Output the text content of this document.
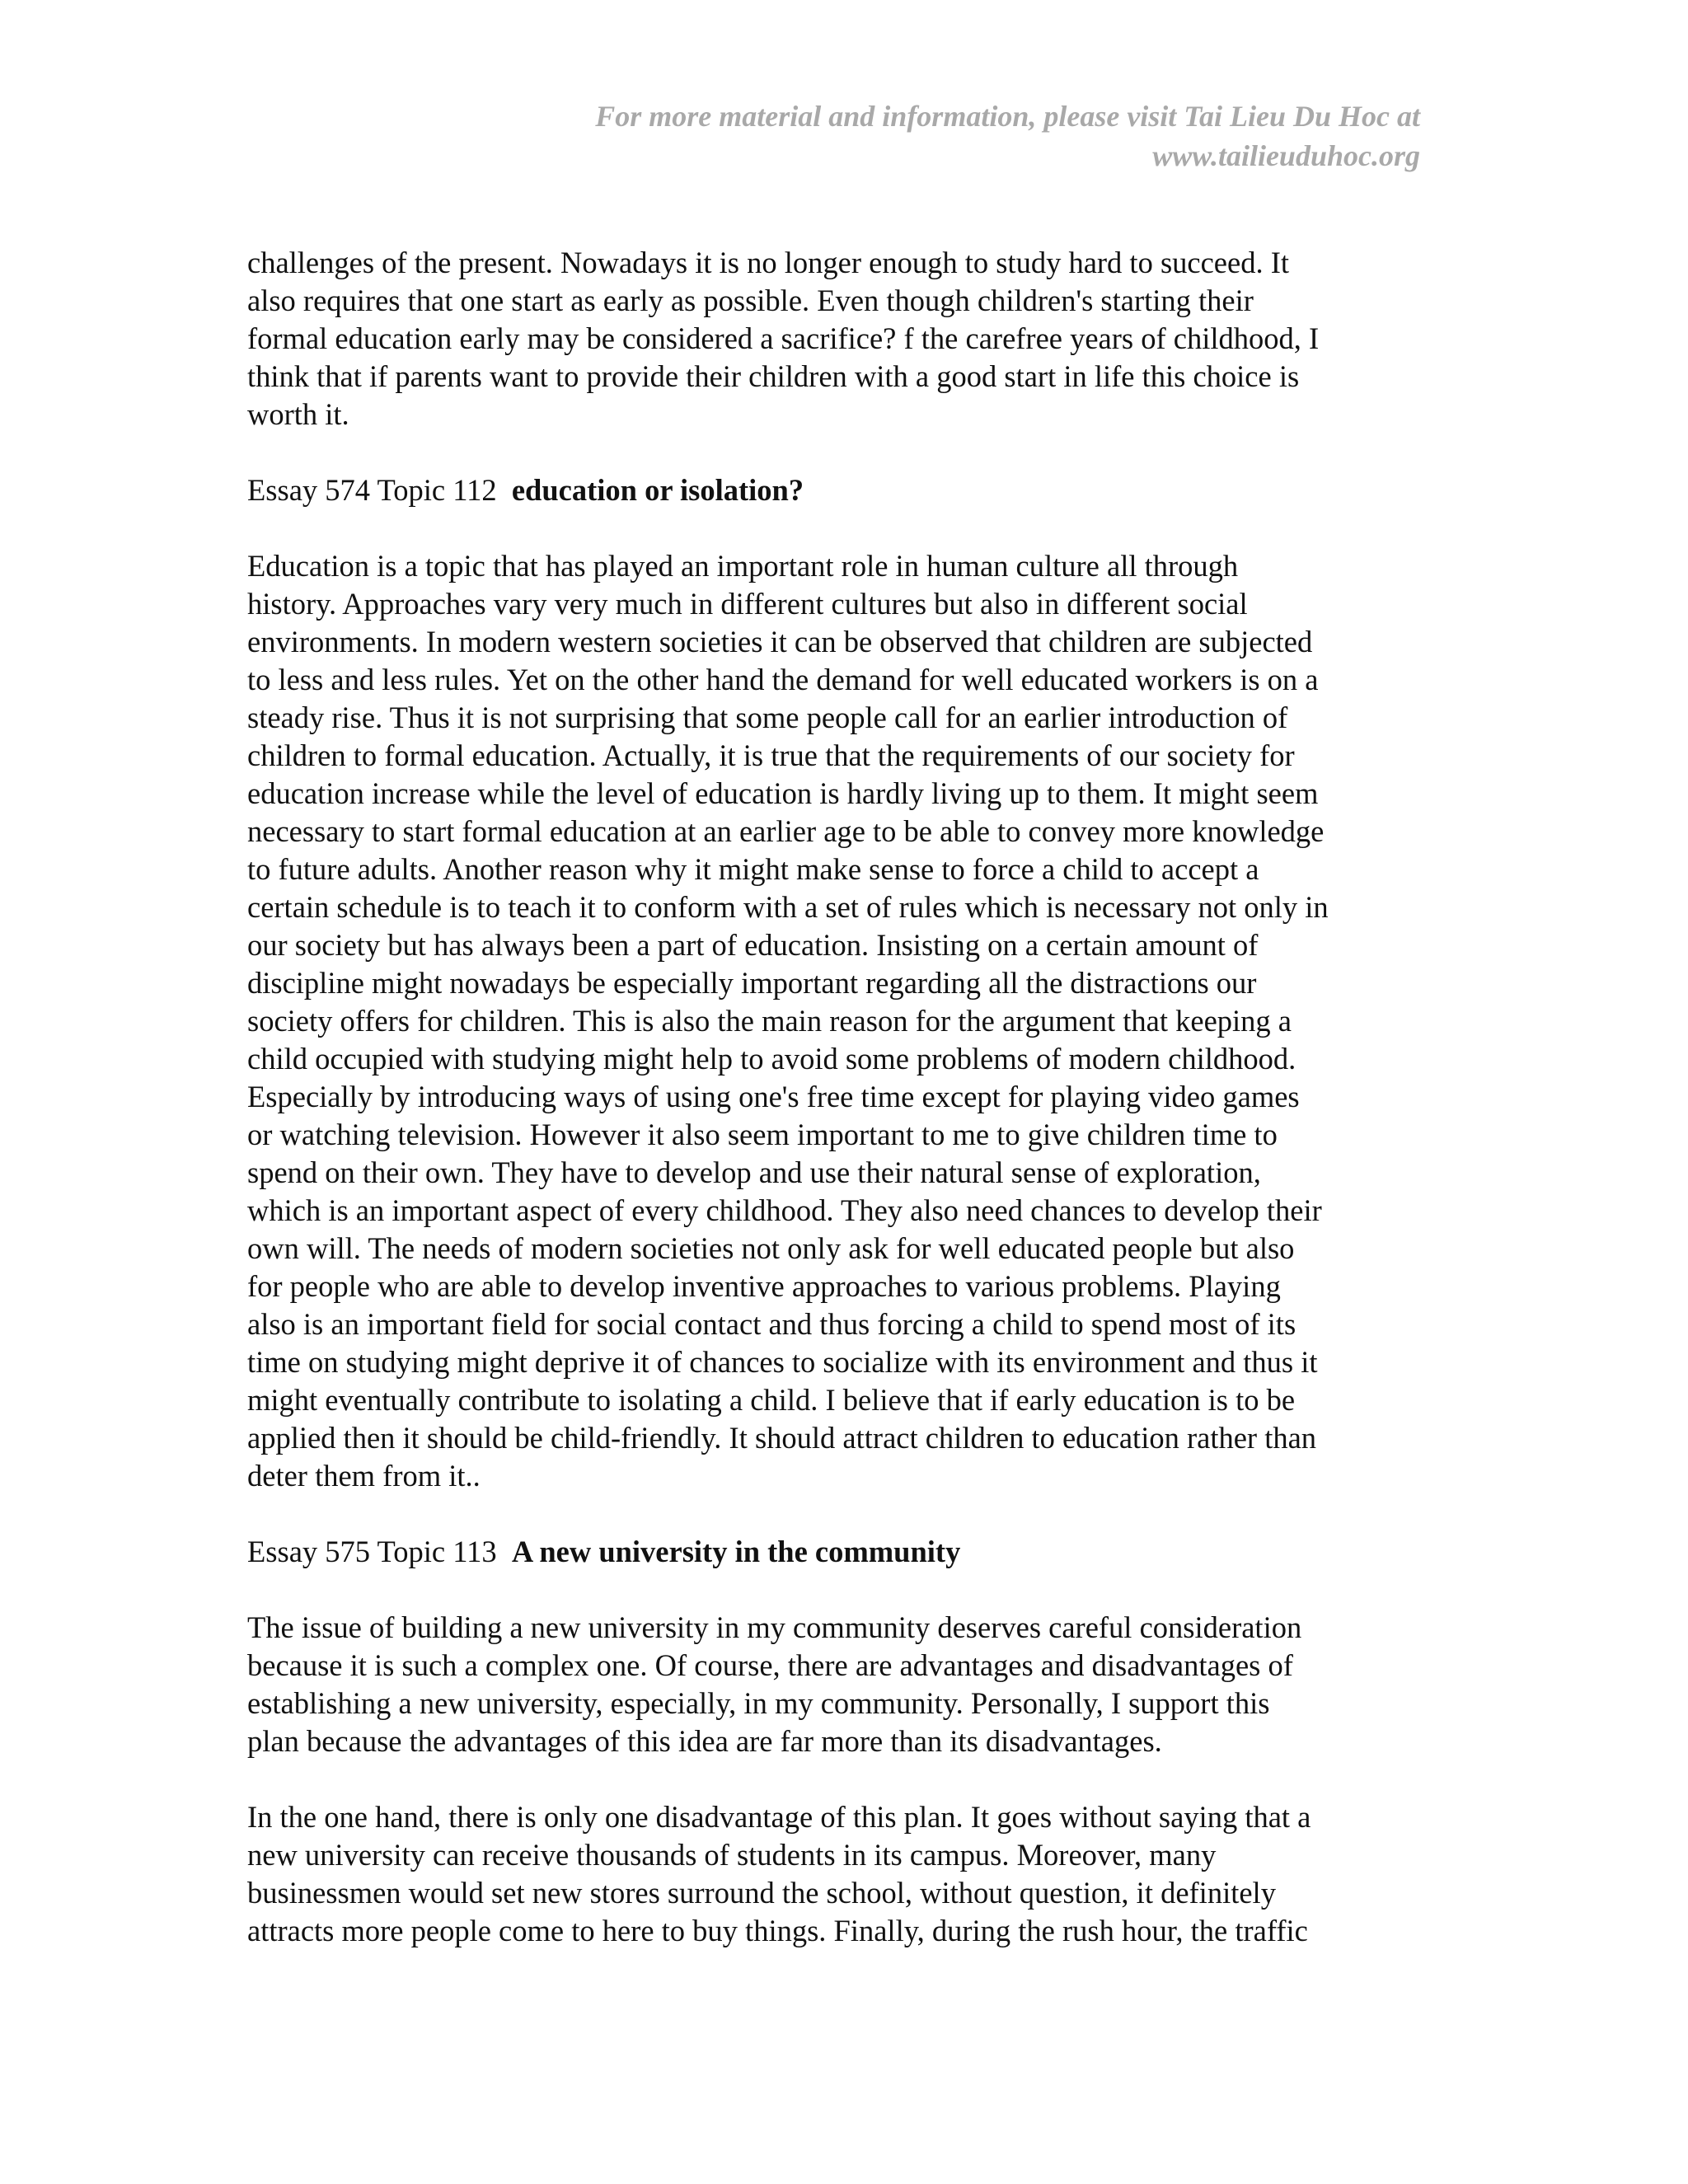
For more material and information, please visit Tai Lieu Du Hoc at
www.tailieuduhoc.org
challenges of the present. Nowadays it is no longer enough to study hard to succeed. It
also requires that one start as early as possible. Even though children's starting their
formal education early may be considered a sacrifice? f the carefree years of childhood, I
think that if parents want to provide their children with a good start in life this choice is
worth it.
Essay 574 Topic 112 education or isolation?
Education is a topic that has played an important role in human culture all through
history. Approaches vary very much in different cultures but also in different social
environments. In modern western societies it can be observed that children are subjected
to less and less rules. Yet on the other hand the demand for well educated workers is on a
steady rise. Thus it is not surprising that some people call for an earlier introduction of
children to formal education. Actually, it is true that the requirements of our society for
education increase while the level of education is hardly living up to them. It might seem
necessary to start formal education at an earlier age to be able to convey more knowledge
to future adults. Another reason why it might make sense to force a child to accept a
certain schedule is to teach it to conform with a set of rules which is necessary not only in
our society but has always been a part of education. Insisting on a certain amount of
discipline might nowadays be especially important regarding all the distractions our
society offers for children. This is also the main reason for the argument that keeping a
child occupied with studying might help to avoid some problems of modern childhood.
Especially by introducing ways of using one's free time except for playing video games
or watching television. However it also seem important to me to give children time to
spend on their own. They have to develop and use their natural sense of exploration,
which is an important aspect of every childhood. They also need chances to develop their
own will. The needs of modern societies not only ask for well educated people but also
for people who are able to develop inventive approaches to various problems. Playing
also is an important field for social contact and thus forcing a child to spend most of its
time on studying might deprive it of chances to socialize with its environment and thus it
might eventually contribute to isolating a child. I believe that if early education is to be
applied then it should be child-friendly. It should attract children to education rather than
deter them from it..
Essay 575 Topic 113 A new university in the community
The issue of building a new university in my community deserves careful consideration
because it is such a complex one. Of course, there are advantages and disadvantages of
establishing a new university, especially, in my community. Personally, I support this
plan because the advantages of this idea are far more than its disadvantages.
In the one hand, there is only one disadvantage of this plan. It goes without saying that a
new university can receive thousands of students in its campus. Moreover, many
businessmen would set new stores surround the school, without question, it definitely
attracts more people come to here to buy things. Finally, during the rush hour, the traffic
